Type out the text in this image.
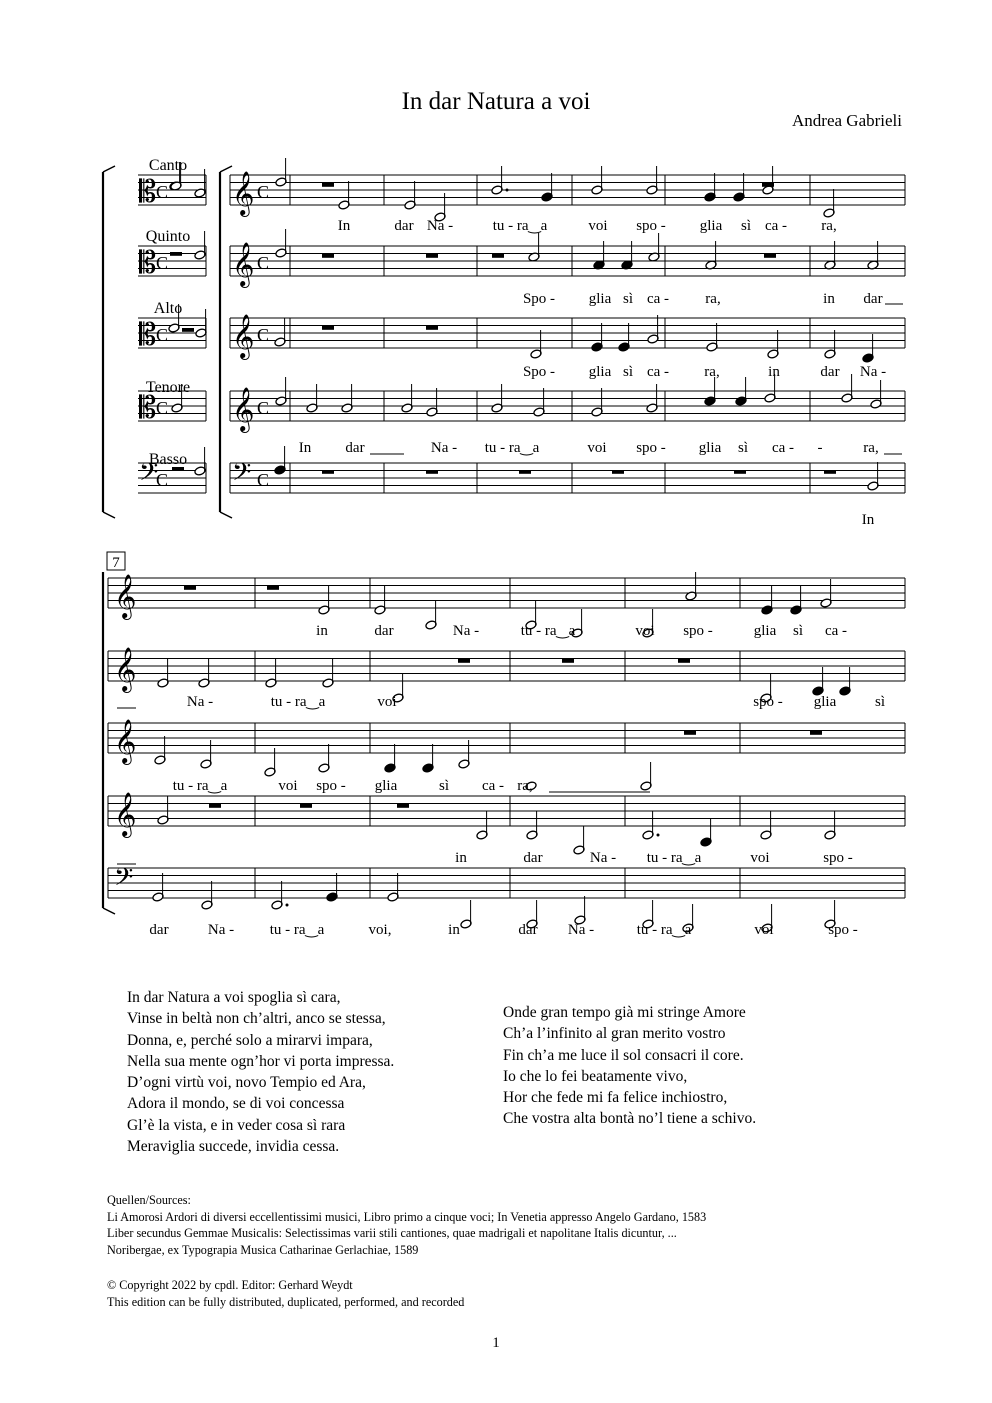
In dar Natura a voi
Andrea Gabrieli
𝄡 C 𝄞 C
𝄡 C 𝄞 C
𝄡 C 𝄞 C
𝄡 C 𝄞 C
𝄢
C 𝄢 C
𝄞
𝄞
𝄞
𝄞
𝄢
Canto
Quinto
Alto
Tenore
Basso
In	dar Na -	tu - ra‿a	voi spo - glia sì ca - ra,
Spo - glia sì ca - ra,	in dar
Spo - glia sì ca - ra,	in	dar Na -
In dar	Na - tu - ra‿a	voi spo - glia sì ca - -	ra,
In
7
in	dar	Na -	tu - ra‿a	voi spo -	glia sì ca -
Na -	tu - ra‿a	voi	spo - glia	sì
tu - ra‿a	voi spo - glia	sì ca - ra,
in	dar	Na - tu - ra‿a	voi	spo -
dar	Na - tu - ra‿a	voi,	in	dar Na -	tu - ra‿a	voi	spo -
In dar Natura a voi spoglia sì cara,
Vinse in beltà non ch’altri, anco se stessa,
Donna, e, perché solo a mirarvi impara,
Nella sua mente ogn’hor vi porta impressa.
D’ogni virtù voi, novo Tempio ed Ara,
Adora il mondo, se di voi concessa
Gl’è la vista, e in veder cosa sì rara
Meraviglia succede, invidia cessa.
Onde gran tempo già mi stringe Amore
Ch’a l’infinito al gran merito vostro
Fin ch’a me luce il sol consacri il core.
Io che lo fei beatamente vivo,
Hor che fede mi fa felice inchiostro,
Che vostra alta bontà no’l tiene a schivo.
Quellen/Sources:
Li Amorosi Ardori di diversi eccellentissimi musici, Libro primo a cinque voci; In Venetia appresso Angelo Gardano, 1583
Liber secundus Gemmae Musicalis: Selectissimas varii stili cantiones, quae madrigali et napolitane Italis dicuntur, ...
Noribergae, ex Typograpia Musica Catharinae Gerlachiae, 1589
© Copyright 2022 by cpdl. Editor: Gerhard Weydt
This edition can be fully distributed, duplicated, performed, and recorded
1
